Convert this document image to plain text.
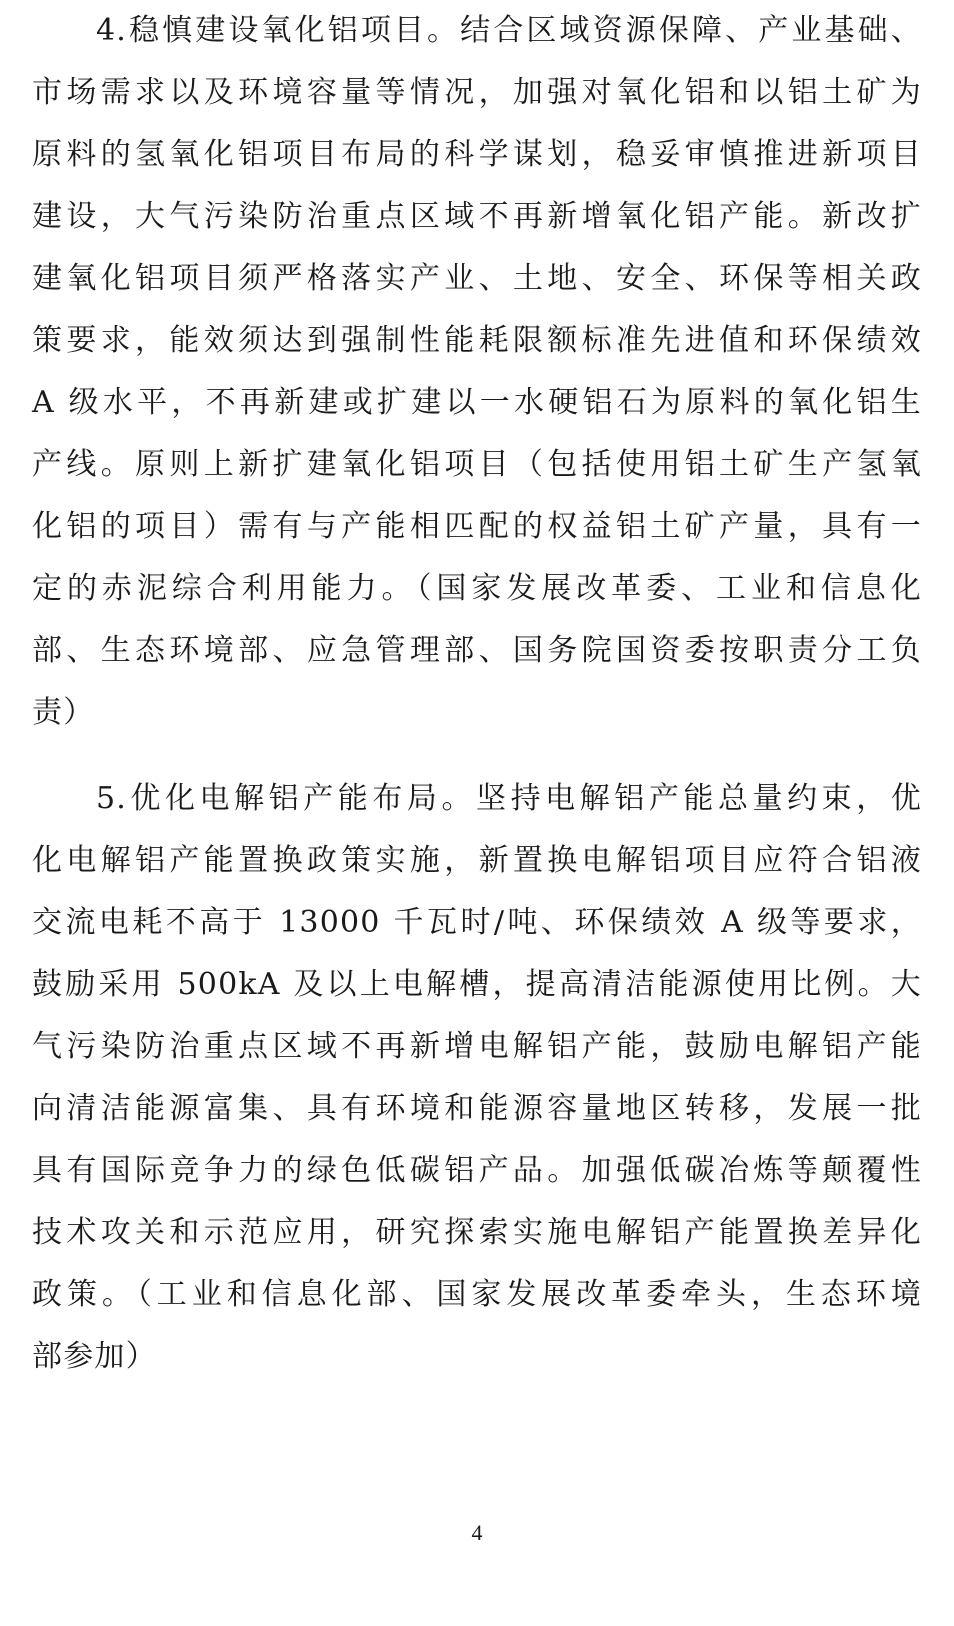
4.稳慎建设氧化铝项目。结合区域资源保障、产业基础、
市场需求以及环境容量等情况，加强对氧化铝和以铝土矿为
原料的氢氧化铝项目布局的科学谋划，稳妥审慎推进新项目
建设，大气污染防治重点区域不再新增氧化铝产能。新改扩
建氧化铝项目须严格落实产业、土地、安全、环保等相关政
策要求，能效须达到强制性能耗限额标准先进值和环保绩效
A 级水平，不再新建或扩建以一水硬铝石为原料的氧化铝生
产线。原则上新扩建氧化铝项目（包括使用铝土矿生产氢氧
化铝的项目）需有与产能相匹配的权益铝土矿产量，具有一
定的赤泥综合利用能力。（国家发展改革委、工业和信息化
部、生态环境部、应急管理部、国务院国资委按职责分工负
责）
5.优化电解铝产能布局。坚持电解铝产能总量约束，优
化电解铝产能置换政策实施，新置换电解铝项目应符合铝液
交流电耗不高于 13000 千瓦时/吨、环保绩效 A 级等要求，
鼓励采用 500kA 及以上电解槽，提高清洁能源使用比例。大
气污染防治重点区域不再新增电解铝产能，鼓励电解铝产能
向清洁能源富集、具有环境和能源容量地区转移，发展一批
具有国际竞争力的绿色低碳铝产品。加强低碳冶炼等颠覆性
技术攻关和示范应用，研究探索实施电解铝产能置换差异化
政策。（工业和信息化部、国家发展改革委牵头，生态环境
部参加）
4
